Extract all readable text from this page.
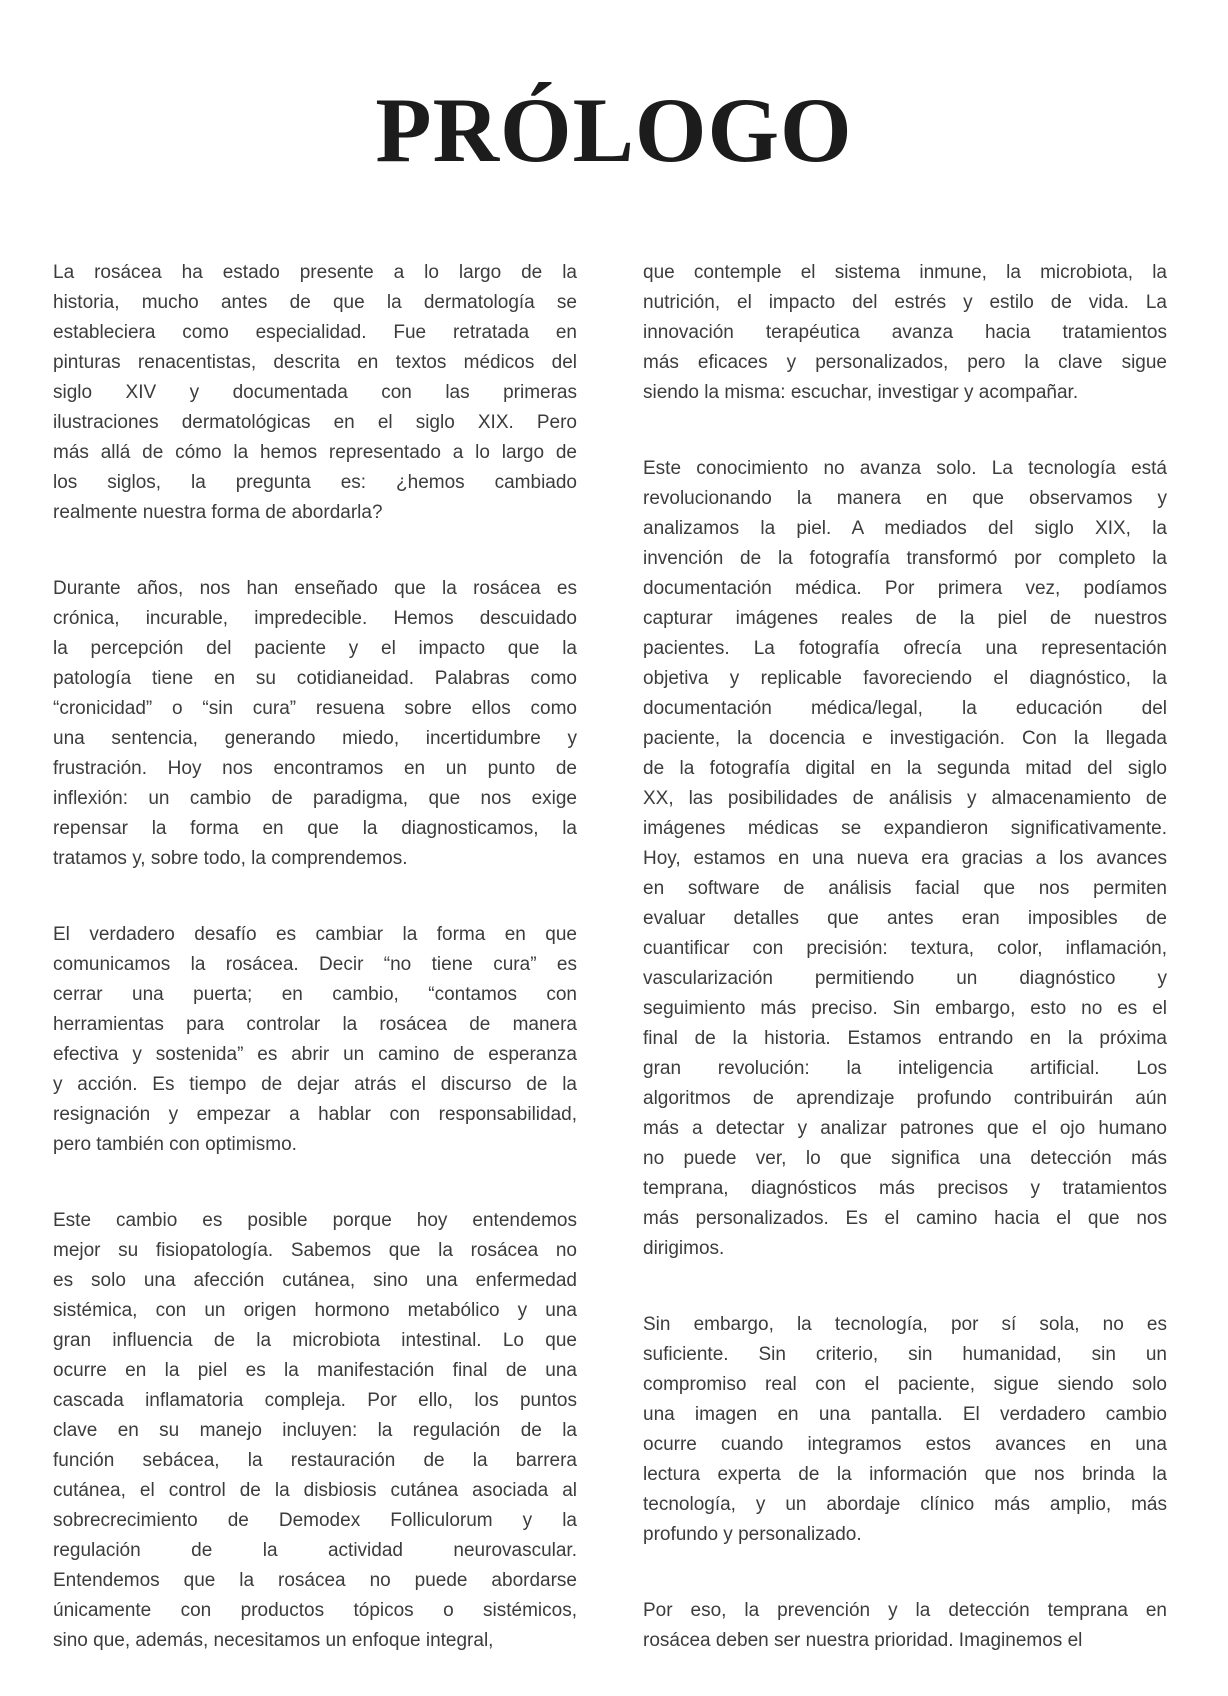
PRÓLOGO
La rosácea ha estado presente a lo largo de la
historia, mucho antes de que la dermatología se
estableciera como especialidad. Fue retratada en
pinturas renacentistas, descrita en textos médicos del
siglo XIV y documentada con las primeras
ilustraciones dermatológicas en el siglo XIX. Pero
más allá de cómo la hemos representado a lo largo de
los siglos, la pregunta es: ¿hemos cambiado
realmente nuestra forma de abordarla?
Durante años, nos han enseñado que la rosácea es
crónica, incurable, impredecible. Hemos descuidado
la percepción del paciente y el impacto que la
patología tiene en su cotidianeidad. Palabras como
“cronicidad” o “sin cura” resuena sobre ellos como
una sentencia, generando miedo, incertidumbre y
frustración. Hoy nos encontramos en un punto de
inflexión: un cambio de paradigma, que nos exige
repensar la forma en que la diagnosticamos, la
tratamos y, sobre todo, la comprendemos.
El verdadero desafío es cambiar la forma en que
comunicamos la rosácea. Decir “no tiene cura” es
cerrar una puerta; en cambio, “contamos con
herramientas para controlar la rosácea de manera
efectiva y sostenida” es abrir un camino de esperanza
y acción. Es tiempo de dejar atrás el discurso de la
resignación y empezar a hablar con responsabilidad,
pero también con optimismo.
Este cambio es posible porque hoy entendemos
mejor su fisiopatología. Sabemos que la rosácea no
es solo una afección cutánea, sino una enfermedad
sistémica, con un origen hormono metabólico y una
gran influencia de la microbiota intestinal. Lo que
ocurre en la piel es la manifestación final de una
cascada inflamatoria compleja. Por ello, los puntos
clave en su manejo incluyen: la regulación de la
función sebácea, la restauración de la barrera
cutánea, el control de la disbiosis cutánea asociada al
sobrecrecimiento de Demodex Folliculorum y la
regulación de la actividad neurovascular.
Entendemos que la rosácea no puede abordarse
únicamente con productos tópicos o sistémicos,
sino que, además, necesitamos un enfoque integral,
que contemple el sistema inmune, la microbiota, la
nutrición, el impacto del estrés y estilo de vida. La
innovación terapéutica avanza hacia tratamientos
más eficaces y personalizados, pero la clave sigue
siendo la misma: escuchar, investigar y acompañar.
Este conocimiento no avanza solo. La tecnología está
revolucionando la manera en que observamos y
analizamos la piel. A mediados del siglo XIX, la
invención de la fotografía transformó por completo la
documentación médica. Por primera vez, podíamos
capturar imágenes reales de la piel de nuestros
pacientes. La fotografía ofrecía una representación
objetiva y replicable favoreciendo el diagnóstico, la
documentación médica/legal, la educación del
paciente, la docencia e investigación. Con la llegada
de la fotografía digital en la segunda mitad del siglo
XX, las posibilidades de análisis y almacenamiento de
imágenes médicas se expandieron significativamente.
Hoy, estamos en una nueva era gracias a los avances
en software de análisis facial que nos permiten
evaluar detalles que antes eran imposibles de
cuantificar con precisión: textura, color, inflamación,
vascularización permitiendo un diagnóstico y
seguimiento más preciso. Sin embargo, esto no es el
final de la historia. Estamos entrando en la próxima
gran revolución: la inteligencia artificial. Los
algoritmos de aprendizaje profundo contribuirán aún
más a detectar y analizar patrones que el ojo humano
no puede ver, lo que significa una detección más
temprana, diagnósticos más precisos y tratamientos
más personalizados. Es el camino hacia el que nos
dirigimos.
Sin embargo, la tecnología, por sí sola, no es
suficiente. Sin criterio, sin humanidad, sin un
compromiso real con el paciente, sigue siendo solo
una imagen en una pantalla. El verdadero cambio
ocurre cuando integramos estos avances en una
lectura experta de la información que nos brinda la
tecnología, y un abordaje clínico más amplio, más
profundo y personalizado.
Por eso, la prevención y la detección temprana en
rosácea deben ser nuestra prioridad. Imaginemos el
